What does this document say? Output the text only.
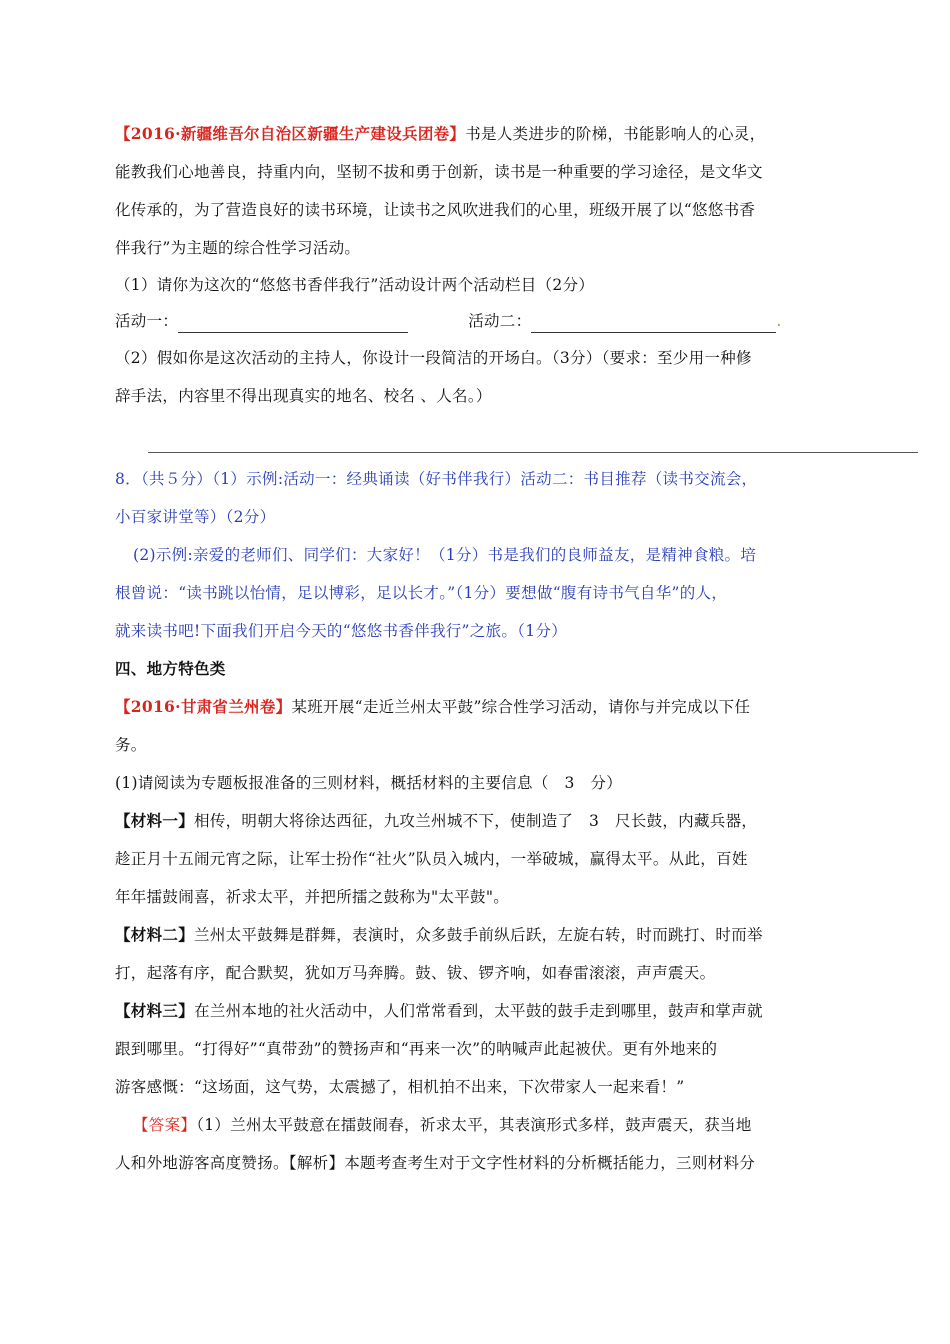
【2016·新疆维吾尔自治区新疆生产建设兵团卷】书是人类进步的阶梯，书能影响人的心灵，
能教我们心地善良，持重内向，坚韧不拔和勇于创新，读书是一种重要的学习途径，是文华文
化传承的，为了营造良好的读书环境，让读书之风吹进我们的心里，班级开展了以“悠悠书香
伴我行”为主题的综合性学习活动。
（1）请你为这次的“悠悠书香伴我行”活动设计两个活动栏目（2分）
活动一：	活动二：	.
（2）假如你是这次活动的主持人，你设计一段简洁的开场白。（3分）（要求：至少用一种修
辞手法，内容里不得出现真实的地名、校名 、人名。）
8．（共５分）（1）示例:活动一：经典诵读（好书伴我行）活动二：书目推荐（读书交流会，
小百家讲堂等）（2分）
(2)示例:亲爱的老师们、同学们：大家好！（1分）书是我们的良师益友，是精神食粮。培
根曾说：“读书跳以怡情，足以博彩，足以长才。”（1分）要想做“腹有诗书气自华”的人，
就来读书吧!下面我们开启今天的“悠悠书香伴我行”之旅。（1分）
四、地方特色类
【2016·甘肃省兰州卷】某班开展“走近兰州太平鼓”综合性学习活动，请你与并完成以下任
务。
(1)请阅读为专题板报准备的三则材料，概括材料的主要信息（　3　分）
【材料一】相传，明朝大将徐达西征，九攻兰州城不下，使制造了　3　尺长鼓，内藏兵器，
趁正月十五闹元宵之际，让军士扮作“社火”队员入城内，一举破城，赢得太平。从此，百姓
年年擂鼓闹喜，祈求太平，并把所擂之鼓称为"太平鼓"。
【材料二】兰州太平鼓舞是群舞，表演时，众多鼓手前纵后跃，左旋右转，时而跳打、时而举
打，起落有序，配合默契，犹如万马奔腾。鼓、钹、锣齐响，如春雷滚滚，声声震天。
【材料三】在兰州本地的社火活动中，人们常常看到，太平鼓的鼓手走到哪里，鼓声和掌声就
跟到哪里。“打得好”“真带劲”的赞扬声和“再来一次”的呐喊声此起被伏。更有外地来的
游客感慨：“这场面，这气势，太震撼了，相机拍不出来，下次带家人一起来看！”
【答案】（1）兰州太平鼓意在擂鼓闹春，祈求太平，其表演形式多样，鼓声震天，获当地
人和外地游客高度赞扬。【解析】本题考查考生对于文字性材料的分析概括能力，三则材料分
